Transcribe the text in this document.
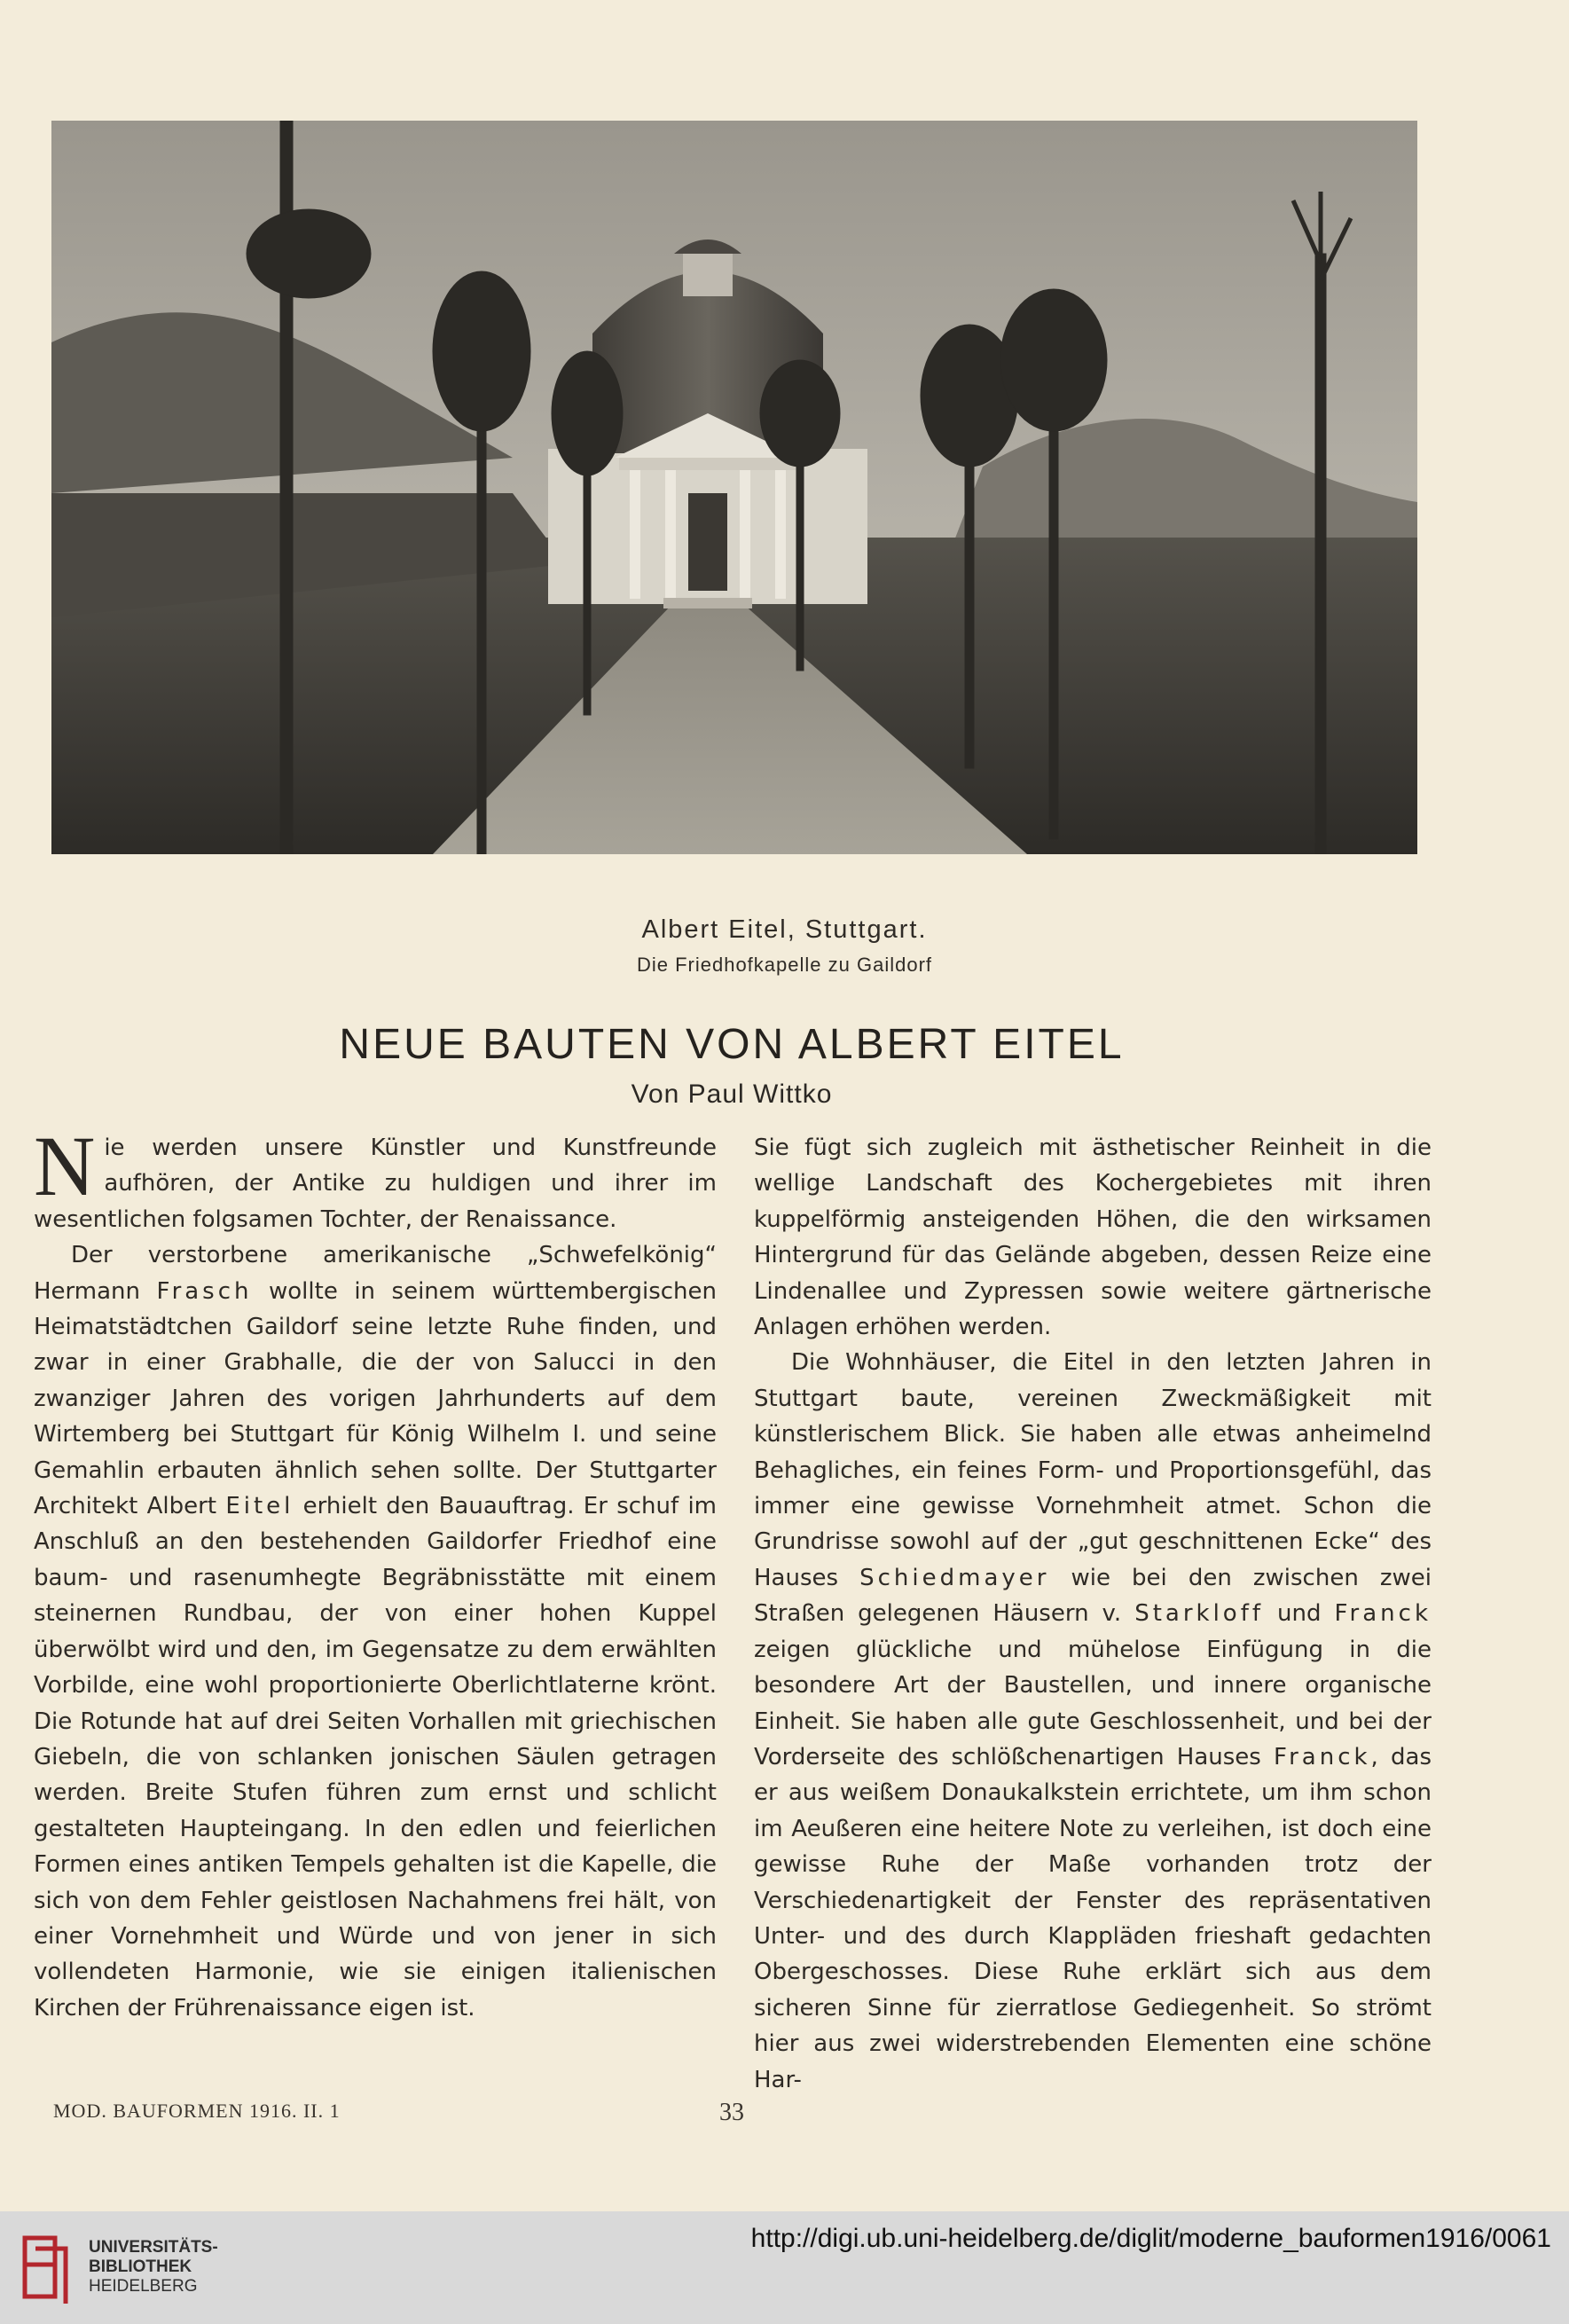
Albert Eitel, Stuttgart.
Die Friedhofkapelle zu Gaildorf
NEUE BAUTEN VON ALBERT EITEL
Von Paul Wittko

Nie werden unsere Künstler und Kunstfreunde aufhören, der Antike zu huldigen und ihrer im wesentlichen folgsamen Tochter, der Renaissance.

Der verstorbene amerikanische „Schwefelkönig“ Hermann Frasch wollte in seinem württembergischen Heimatstädtchen Gaildorf seine letzte Ruhe finden, und zwar in einer Grabhalle, die der von Salucci in den zwanziger Jahren des vorigen Jahrhunderts auf dem Wirtemberg bei Stuttgart für König Wilhelm I. und seine Gemahlin erbauten ähnlich sehen sollte. Der Stuttgarter Architekt Albert Eitel erhielt den Bauauftrag. Er schuf im Anschluß an den bestehenden Gaildorfer Friedhof eine baum- und rasenumhegte Begräbnisstätte mit einem steinernen Rundbau, der von einer hohen Kuppel überwölbt wird und den, im Gegensatze zu dem erwählten Vorbilde, eine wohl proportionierte Oberlichtlaterne krönt. Die Rotunde hat auf drei Seiten Vorhallen mit griechischen Giebeln, die von schlanken jonischen Säulen getragen werden. Breite Stufen führen zum ernst und schlicht gestalteten Haupteingang. In den edlen und feierlichen Formen eines antiken Tempels gehalten ist die Kapelle, die sich von dem Fehler geistlosen Nachahmens frei hält, von einer Vornehmheit und Würde und von jener in sich vollendeten Harmonie, wie sie einigen italienischen Kirchen der Frührenaissance eigen ist.

Sie fügt sich zugleich mit ästhetischer Reinheit in die wellige Landschaft des Kochergebietes mit ihren kuppelförmig ansteigenden Höhen, die den wirksamen Hintergrund für das Gelände abgeben, dessen Reize eine Lindenallee und Zypressen sowie weitere gärtnerische Anlagen erhöhen werden.

Die Wohnhäuser, die Eitel in den letzten Jahren in Stuttgart baute, vereinen Zweckmäßigkeit mit künstlerischem Blick. Sie haben alle etwas anheimelnd Behagliches, ein feines Form- und Proportionsgefühl, das immer eine gewisse Vornehmheit atmet. Schon die Grundrisse sowohl auf der „gut geschnittenen Ecke“ des Hauses Schiedmayer wie bei den zwischen zwei Straßen gelegenen Häusern v. Starkloff und Franck zeigen glückliche und mühelose Einfügung in die besondere Art der Baustellen, und innere organische Einheit. Sie haben alle gute Geschlossenheit, und bei der Vorderseite des schlößchenartigen Hauses Franck, das er aus weißem Donaukalkstein errichtete, um ihm schon im Aeußeren eine heitere Note zu verleihen, ist doch eine gewisse Ruhe der Maße vorhanden trotz der Verschiedenartigkeit der Fenster des repräsentativen Unter- und des durch Klappläden frieshaft gedachten Obergeschosses. Diese Ruhe erklärt sich aus dem sicheren Sinne für zierratlose Gediegenheit. So strömt hier aus zwei widerstrebenden Elementen eine schöne Har-

MOD. BAUFORMEN 1916. II. 1	33
UNIVERSITÄTS-
BIBLIOTHEK
HEIDELBERG
http://digi.ub.uni-heidelberg.de/diglit/moderne_bauformen1916/0061
